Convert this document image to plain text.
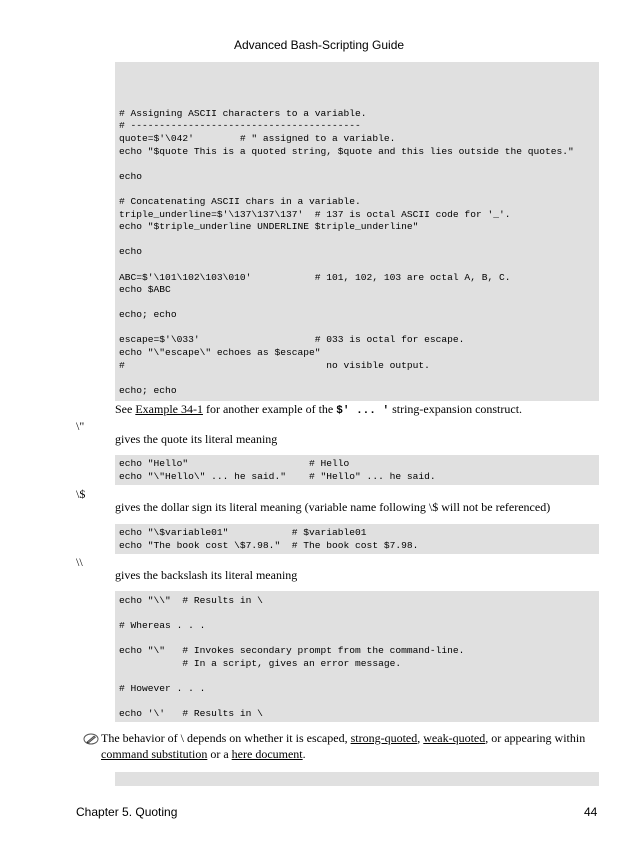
Advanced Bash-Scripting Guide
# Assigning ASCII characters to a variable.
# ----------------------------------------
quote=$'\042'        # " assigned to a variable.
echo "$quote This is a quoted string, $quote and this lies outside the quotes."
echo
# Concatenating ASCII chars in a variable.
triple_underline=$'\137\137\137'  # 137 is octal ASCII code for '_'.
echo "$triple_underline UNDERLINE $triple_underline"
echo
ABC=$'\101\102\103\010'           # 101, 102, 103 are octal A, B, C.
echo $ABC
echo; echo
escape=$'\033'                    # 033 is octal for escape.
echo "\"escape\" echoes as $escape"
#                                   no visible output.
echo; echo
See Example 34-1 for another example of the $' ... ' string-expansion construct.
\"
gives the quote its literal meaning
echo "Hello"                     # Hello
echo "\"Hello\" ... he said."    # "Hello" ... he said.
\$
gives the dollar sign its literal meaning (variable name following \$ will not be referenced)
echo "\$variable01"           # $variable01
echo "The book cost \$7.98."  # The book cost $7.98.
\\
gives the backslash its literal meaning
echo "\\"  # Results in \
# Whereas . . .
echo "\"   # Invokes secondary prompt from the command-line.
# In a script, gives an error message.
# However . . .
echo '\'   # Results in \
The behavior of \ depends on whether it is escaped, strong-quoted, weak-quoted, or appearing within
command substitution or a here document.
Chapter 5. Quoting	44
